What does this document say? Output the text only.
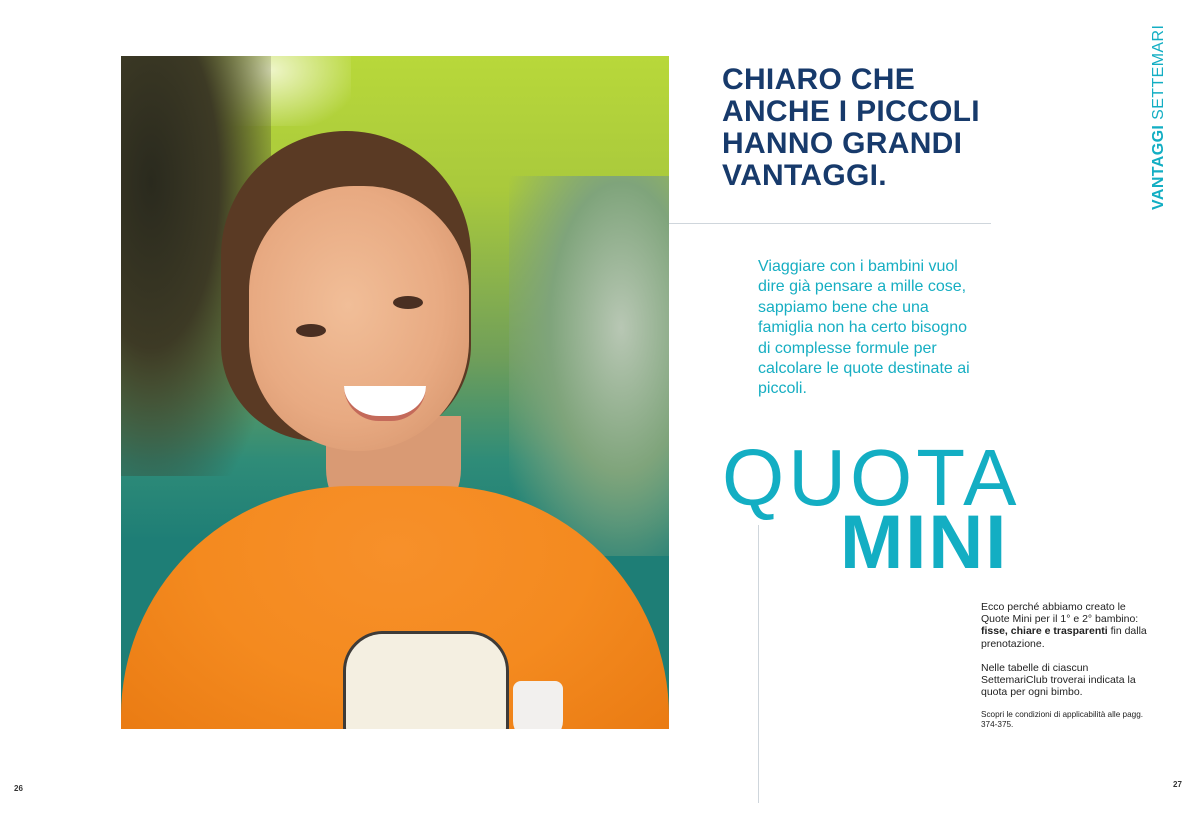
CHIARO CHE ANCHE I PICCOLI HANNO GRANDI VANTAGGI.

Viaggiare con i bambini vuol dire già pensare a mille cose, sappiamo bene che una famiglia non ha certo bisogno di complesse formule per calcolare le quote destinate ai piccoli.

QUOTA
MINI

Ecco perché abbiamo creato le Quote Mini per il 1° e 2° bambino: fisse, chiare e trasparenti fin dalla prenotazione.

Nelle tabelle di ciascun SettemariClub troverai indicata la quota per ogni bimbo.

Scopri le condizioni di applicabilità alle pagg. 374-375.

VANTAGGI SETTEMARI
26	27
